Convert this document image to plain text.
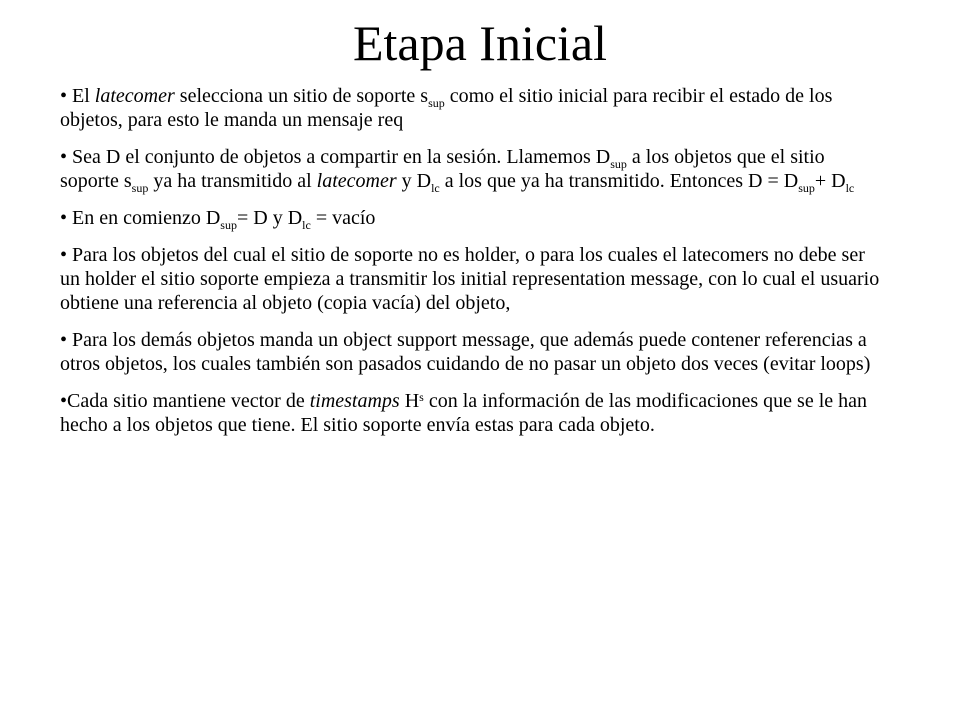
Etapa Inicial

• El latecomer selecciona un sitio de soporte $s_{sup}$ como el sitio inicial para recibir el estado de los objetos, para esto le manda un mensaje req

• Sea D el conjunto de objetos a compartir en la sesión. Llamemos $D_{sup}$ a los objetos que el sitio soporte $s_{sup}$ ya ha transmitido al latecomer y $D_{lc}$ a los que ya ha transmitido. Entonces $D = D_{sup}+ D_{lc}$

• En en comienzo $D_{sup}= D$ y $D_{lc}$ = vacío

• Para los objetos del cual el sitio de soporte no es holder, o para los cuales el latecomers no debe ser un holder el sitio soporte empieza a transmitir los initial representation message, con lo cual el usuario obtiene una referencia al objeto (copia vacía) del objeto,

• Para los demás objetos manda un object support message, que además puede contener referencias a otros objetos, los cuales también son pasados cuidando de no pasar un objeto dos veces (evitar loops)

•Cada sitio mantiene vector de timestamps $H^s$ con la información de las modificaciones que se le han hecho a los objetos que tiene. El sitio soporte envía estas para cada objeto.
